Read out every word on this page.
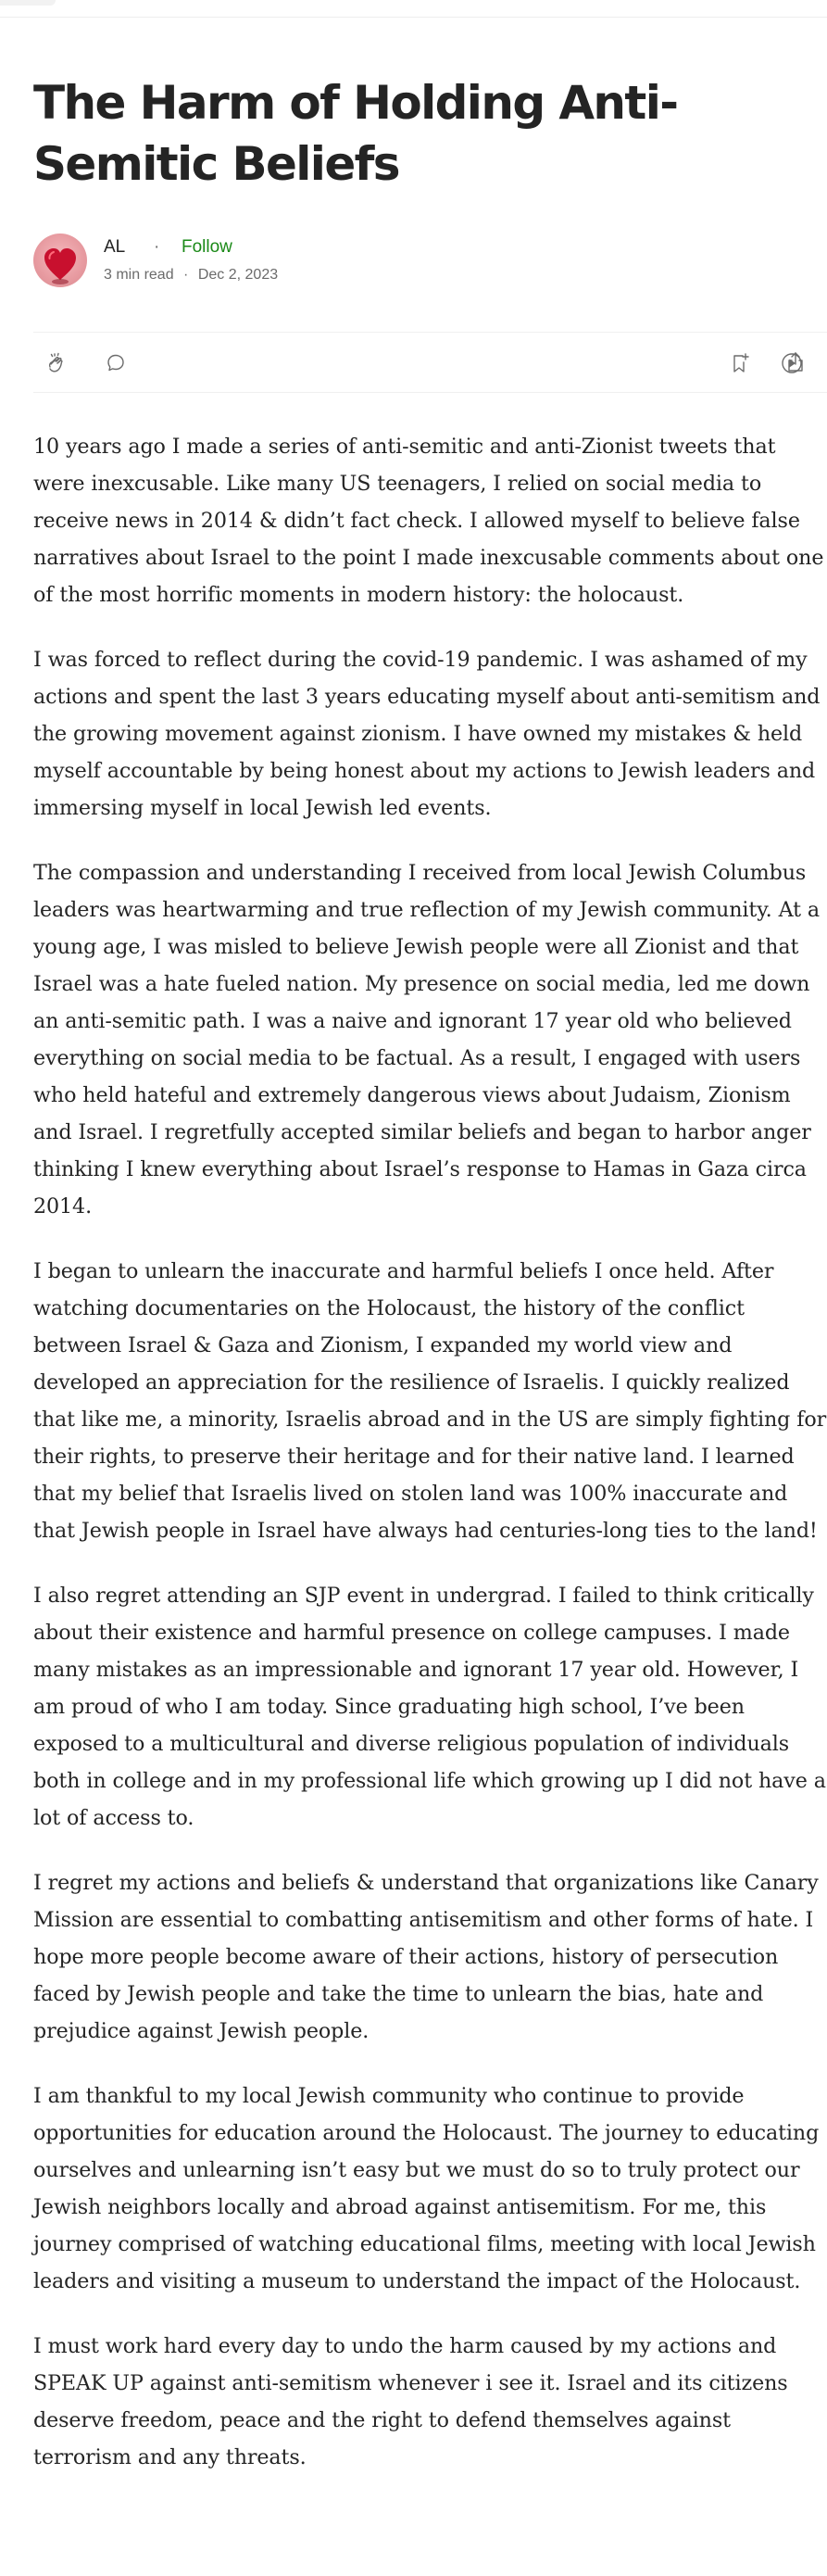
The Harm of Holding Anti-Semitic Beliefs
AL · Follow
3 min read · Dec 2, 2023

10 years ago I made a series of anti-semitic and anti-Zionist tweets that were inexcusable. Like many US teenagers, I relied on social media to receive news in 2014 & didn’t fact check. I allowed myself to believe false narratives about Israel to the point I made inexcusable comments about one of the most horrific moments in modern history: the holocaust.

I was forced to reflect during the covid-19 pandemic. I was ashamed of my actions and spent the last 3 years educating myself about anti-semitism and the growing movement against zionism. I have owned my mistakes & held myself accountable by being honest about my actions to Jewish leaders and immersing myself in local Jewish led events.

The compassion and understanding I received from local Jewish Columbus leaders was heartwarming and true reflection of my Jewish community. At a young age, I was misled to believe Jewish people were all Zionist and that Israel was a hate fueled nation. My presence on social media, led me down an anti-semitic path. I was a naive and ignorant 17 year old who believed everything on social media to be factual. As a result, I engaged with users who held hateful and extremely dangerous views about Judaism, Zionism and Israel. I regretfully accepted similar beliefs and began to harbor anger thinking I knew everything about Israel’s response to Hamas in Gaza circa 2014.

I began to unlearn the inaccurate and harmful beliefs I once held. After watching documentaries on the Holocaust, the history of the conflict between Israel & Gaza and Zionism, I expanded my world view and developed an appreciation for the resilience of Israelis. I quickly realized that like me, a minority, Israelis abroad and in the US are simply fighting for their rights, to preserve their heritage and for their native land. I learned that my belief that Israelis lived on stolen land was 100% inaccurate and that Jewish people in Israel have always had centuries-long ties to the land!

I also regret attending an SJP event in undergrad. I failed to think critically about their existence and harmful presence on college campuses. I made many mistakes as an impressionable and ignorant 17 year old. However, I am proud of who I am today. Since graduating high school, I’ve been exposed to a multicultural and diverse religious population of individuals both in college and in my professional life which growing up I did not have a lot of access to.

I regret my actions and beliefs & understand that organizations like Canary Mission are essential to combatting antisemitism and other forms of hate. I hope more people become aware of their actions, history of persecution faced by Jewish people and take the time to unlearn the bias, hate and prejudice against Jewish people.

I am thankful to my local Jewish community who continue to provide opportunities for education around the Holocaust. The journey to educating ourselves and unlearning isn’t easy but we must do so to truly protect our Jewish neighbors locally and abroad against antisemitism. For me, this journey comprised of watching educational films, meeting with local Jewish leaders and visiting a museum to understand the impact of the Holocaust.

I must work hard every day to undo the harm caused by my actions and SPEAK UP against anti-semitism whenever i see it. Israel and its citizens deserve freedom, peace and the right to defend themselves against terrorism and any threats.
